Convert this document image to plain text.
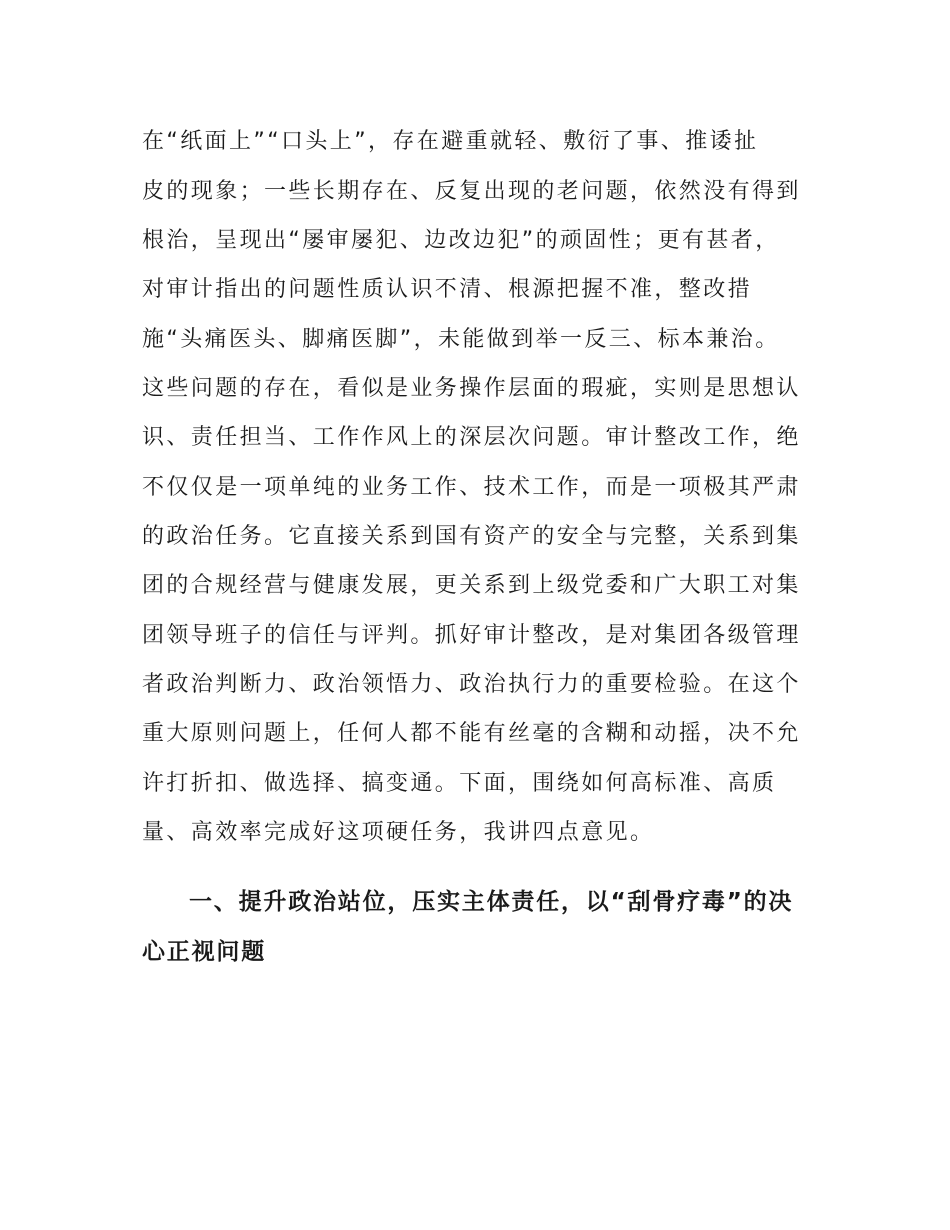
在“纸面上”“口头上”，存在避重就轻、敷衍了事、推诿扯
皮的现象；一些长期存在、反复出现的老问题，依然没有得到
根治，呈现出“屡审屡犯、边改边犯”的顽固性；更有甚者，
对审计指出的问题性质认识不清、根源把握不准，整改措
施“头痛医头、脚痛医脚”，未能做到举一反三、标本兼治。
这些问题的存在，看似是业务操作层面的瑕疵，实则是思想认
识、责任担当、工作作风上的深层次问题。审计整改工作，绝
不仅仅是一项单纯的业务工作、技术工作，而是一项极其严肃
的政治任务。它直接关系到国有资产的安全与完整，关系到集
团的合规经营与健康发展，更关系到上级党委和广大职工对集
团领导班子的信任与评判。抓好审计整改，是对集团各级管理
者政治判断力、政治领悟力、政治执行力的重要检验。在这个
重大原则问题上，任何人都不能有丝毫的含糊和动摇，决不允
许打折扣、做选择、搞变通。下面，围绕如何高标准、高质
量、高效率完成好这项硬任务，我讲四点意见。
一、提升政治站位，压实主体责任，以“刮骨疗毒”的决
心正视问题
